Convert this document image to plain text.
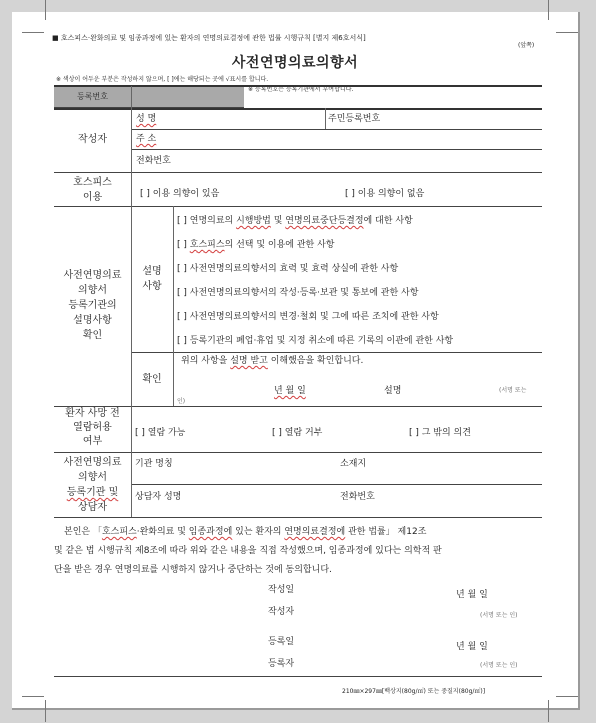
■ 호스피스·완화의료 및 임종과정에 있는 환자의 연명의료결정에 관한 법률 시행규칙 [별지 제6호서식]
(앞쪽)
사전연명의료의향서
※ 색상이 어두운 부분은 작성하지 않으며, [ ]에는 해당되는 곳에 √표시를 합니다.
등록번호
※ 등록번호는 등록기관에서 부여합니다.
작성자
성 명	주민등록번호
주 소
전화번호
호스피스
이용	[ ] 이용 의향이 있음	[ ] 이용 의향이 없음
사전연명의료
의향서
등록기관의
설명사항
확인
설명
사항
[ ] 연명의료의 시행방법 및 연명의료중단등결정에 대한 사항
[ ] 호스피스의 선택 및 이용에 관한 사항
[ ] 사전연명의료의향서의 효력 및 효력 상실에 관한 사항
[ ] 사전연명의료의향서의 작성·등록·보관 및 통보에 관한 사항
[ ] 사전연명의료의향서의 변경·철회 및 그에 따른 조치에 관한 사항
[ ] 등록기관의 폐업·휴업 및 지정 취소에 따른 기록의 이관에 관한 사항
확인
위의 사항을 설명 받고 이해했음을 확인합니다.
년 월 일	설명	(서명 또는
인)
환자 사망 전
열람허용
여부
[ ] 열람 가능	[ ] 열람 거부	[ ] 그 밖의 의견
사전연명의료
의향서
등록기관 및
상담자
기관 명칭	소재지
상담자 성명	전화번호
본인은 「호스피스·완화의료 및 임종과정에 있는 환자의 연명의료결정에 관한 법률」 제12조
및 같은 법 시행규칙 제8조에 따라 위와 같은 내용을 직접 작성했으며, 임종과정에 있다는 의학적 판
단을 받은 경우 연명의료를 시행하지 않거나 중단하는 것에 동의합니다.
작성일	년 월 일
작성자	(서명 또는 인)
등록일	년 월 일
등록자	(서명 또는 인)
210㎜×297㎜[백상지(80g/㎡) 또는 중질지(80g/㎡)]
